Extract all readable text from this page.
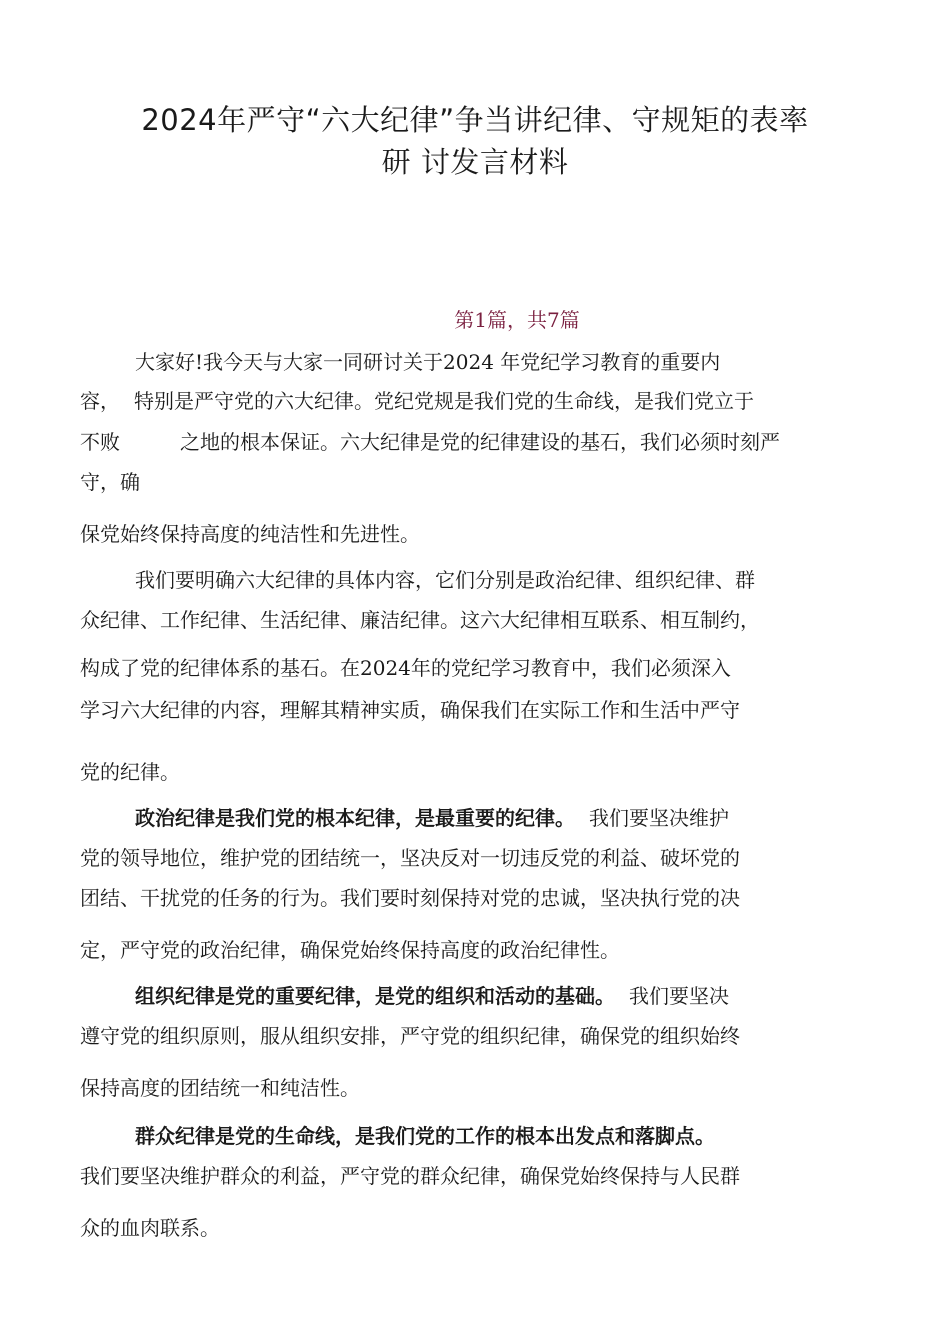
2024年严守“六大纪律”争当讲纪律、守规矩的表率
研 讨发言材料
第1篇，共7篇
大家好!我今天与大家一同研讨关于2024 年党纪学习教育的重要内
容， 特别是严守党的六大纪律。党纪党规是我们党的生命线，是我们党立于
不败	之地的根本保证。六大纪律是党的纪律建设的基石，我们必须时刻严
守，确
保党始终保持高度的纯洁性和先进性。
我们要明确六大纪律的具体内容，它们分别是政治纪律、组织纪律、群
众纪律、工作纪律、生活纪律、廉洁纪律。这六大纪律相互联系、相互制约，
构成了党的纪律体系的基石。在2024年的党纪学习教育中，我们必须深入
学习六大纪律的内容，理解其精神实质，确保我们在实际工作和生活中严守
党的纪律。
政治纪律是我们党的根本纪律，是最重要的纪律。 我们要坚决维护
党的领导地位，维护党的团结统一，坚决反对一切违反党的利益、破坏党的
团结、干扰党的任务的行为。我们要时刻保持对党的忠诚，坚决执行党的决
定，严守党的政治纪律，确保党始终保持高度的政治纪律性。
组织纪律是党的重要纪律，是党的组织和活动的基础。 我们要坚决
遵守党的组织原则，服从组织安排，严守党的组织纪律，确保党的组织始终
保持高度的团结统一和纯洁性。
群众纪律是党的生命线，是我们党的工作的根本出发点和落脚点。
我们要坚决维护群众的利益，严守党的群众纪律，确保党始终保持与人民群
众的血肉联系。
